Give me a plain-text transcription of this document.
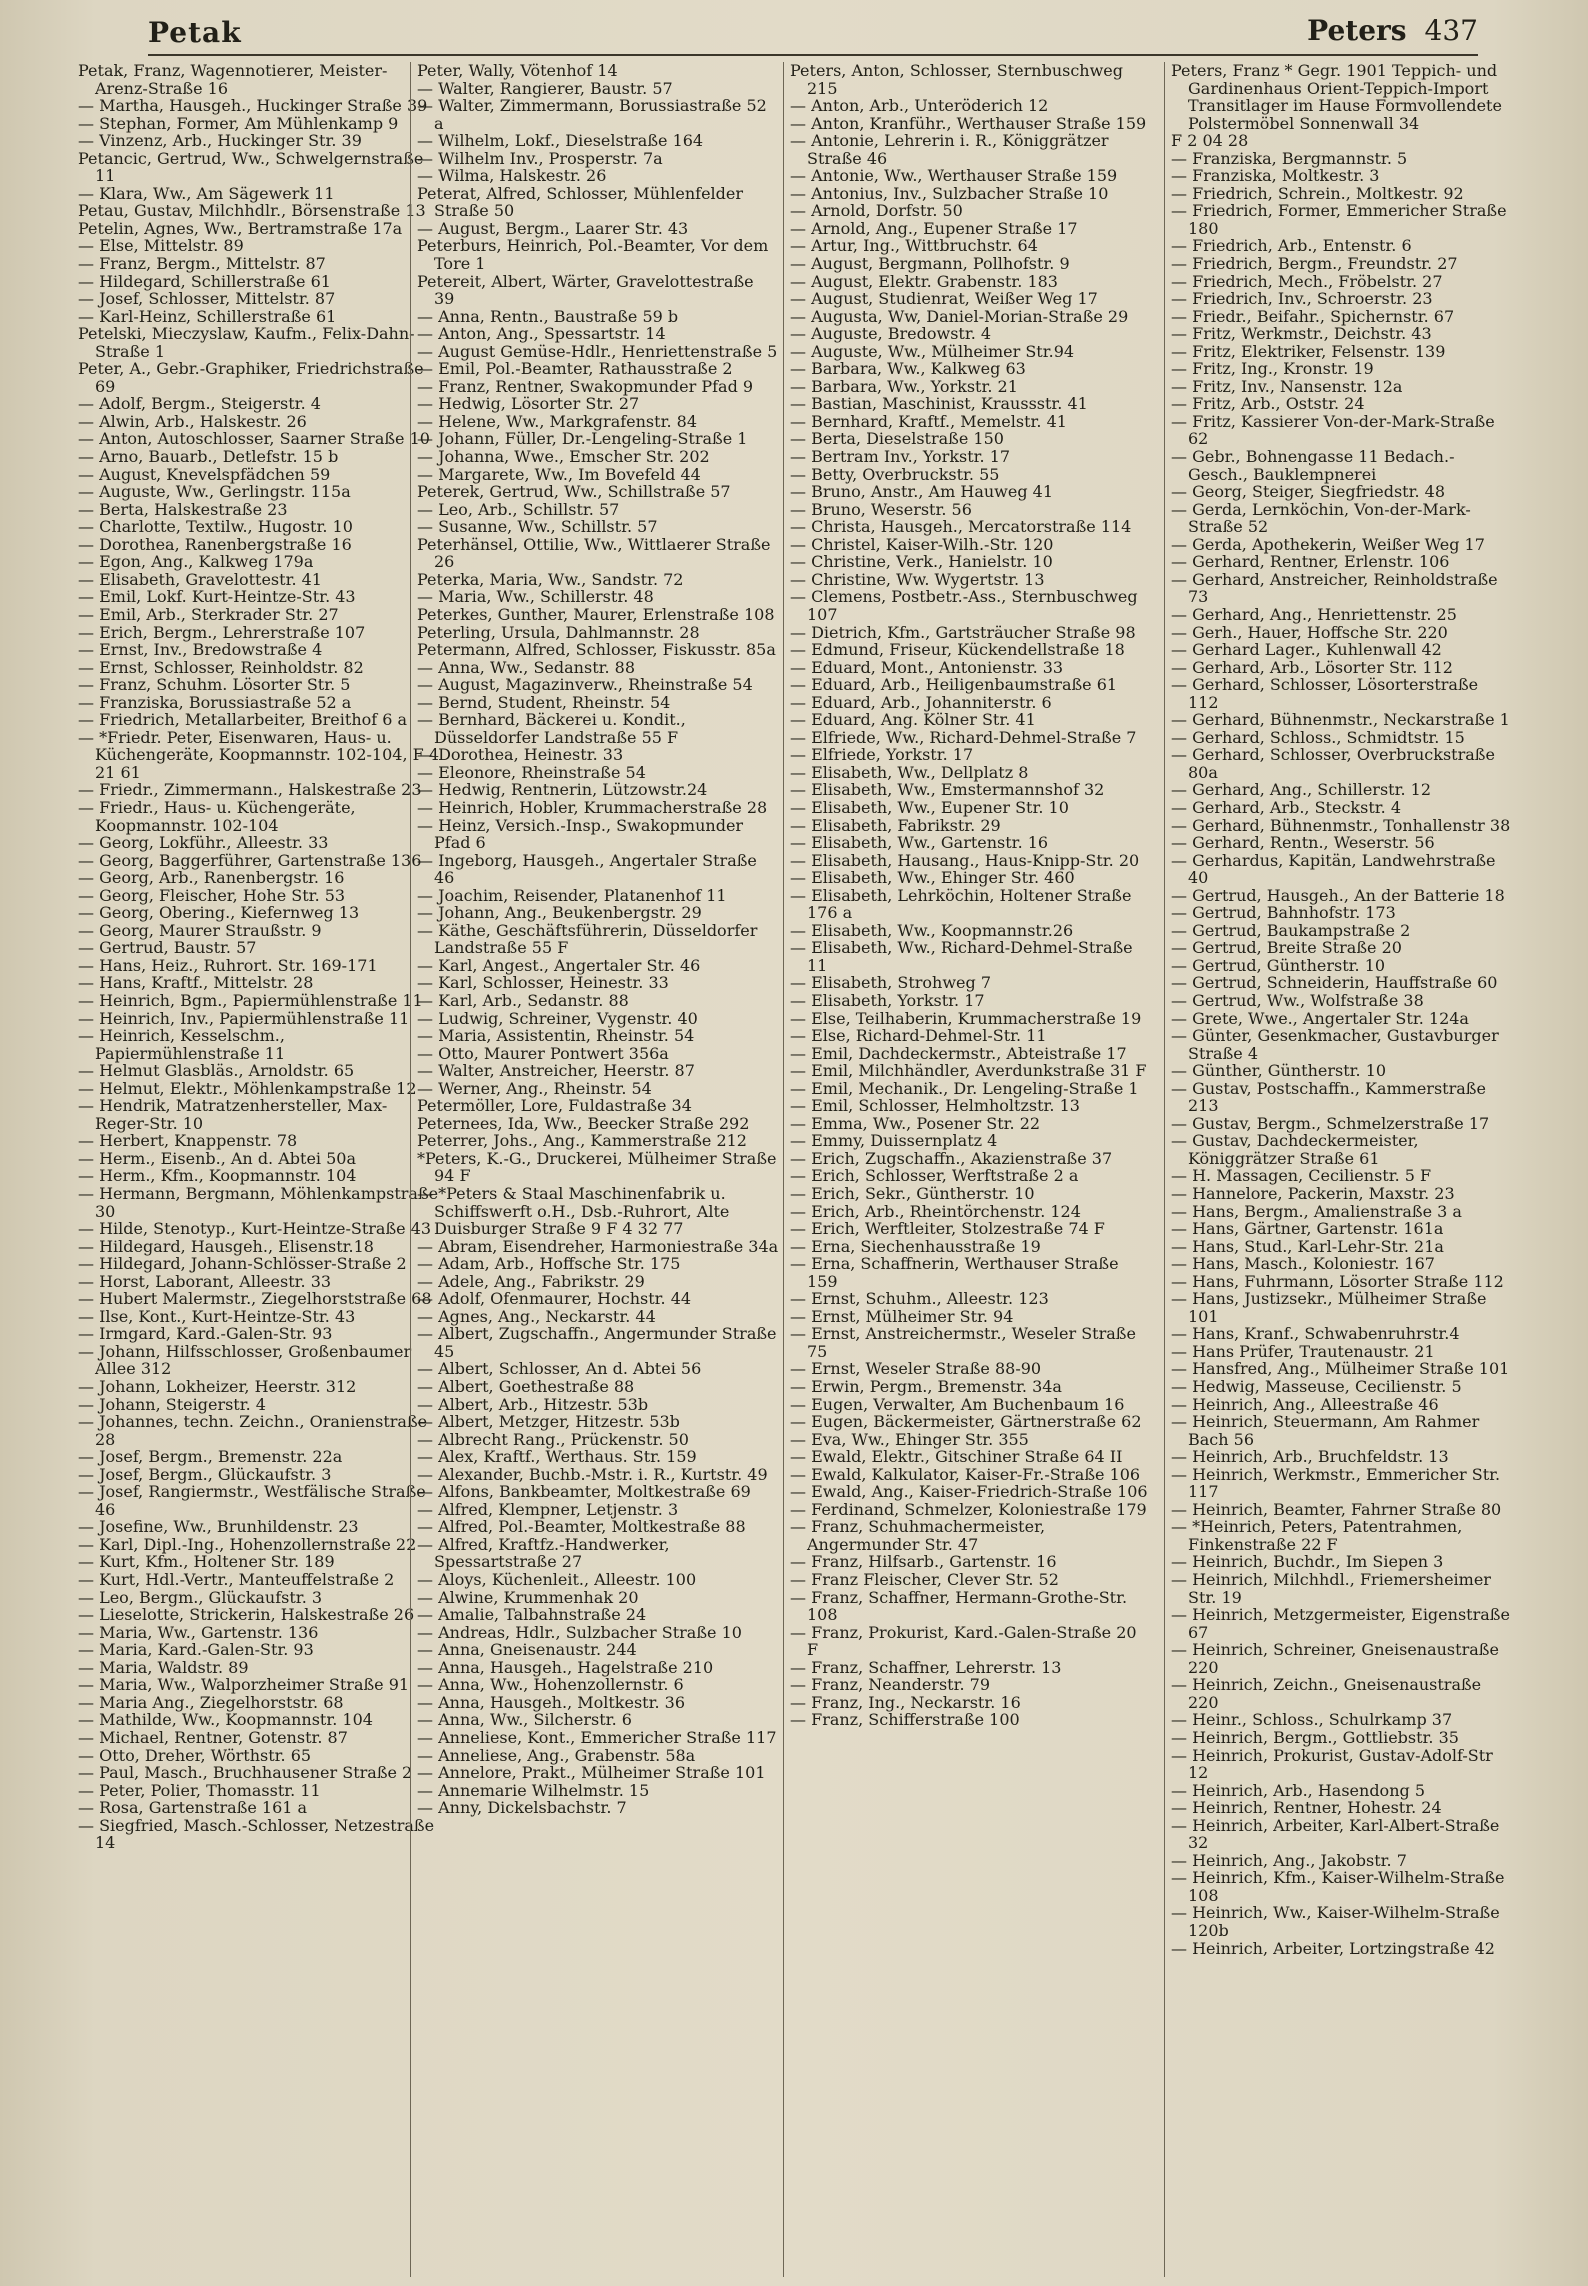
Petak	Peters 437

Petak, Franz, Wagennotierer, Meister-Arenz-Straße 16

— Martha, Hausgeh., Huckinger Straße 39

— Stephan, Former, Am Mühlenkamp 9

— Vinzenz, Arb., Huckinger Str. 39

Petancic, Gertrud, Ww., Schwelgernstraße 11

— Klara, Ww., Am Sägewerk 11

Petau, Gustav, Milchhdlr., Börsenstraße 13

Petelin, Agnes, Ww., Bertramstraße 17a

— Else, Mittelstr. 89

— Franz, Bergm., Mittelstr. 87

— Hildegard, Schillerstraße 61

— Josef, Schlosser, Mittelstr. 87

— Karl-Heinz, Schillerstraße 61

Petelski, Mieczyslaw, Kaufm., Felix-Dahn-Straße 1

Peter, A., Gebr.-Graphiker, Friedrichstraße 69

— Adolf, Bergm., Steigerstr. 4

— Alwin, Arb., Halskestr. 26

— Anton, Autoschlosser, Saarner Straße 10

— Arno, Bauarb., Detlefstr. 15 b

— August, Knevelspfädchen 59

— Auguste, Ww., Gerlingstr. 115a

— Berta, Halskestraße 23

— Charlotte, Textilw., Hugostr. 10

— Dorothea, Ranenbergstraße 16

— Egon, Ang., Kalkweg 179a

— Elisabeth, Gravelottestr. 41

— Emil, Lokf. Kurt-Heintze-Str. 43

— Emil, Arb., Sterkrader Str. 27

— Erich, Bergm., Lehrerstraße 107

— Ernst, Inv., Bredowstraße 4

— Ernst, Schlosser, Reinholdstr. 82

— Franz, Schuhm. Lösorter Str. 5

— Franziska, Borussiastraße 52 a

— Friedrich, Metallarbeiter, Breithof 6 a

— *Friedr. Peter, Eisenwaren, Haus- u. Küchengeräte, Koopmannstr. 102-104, F 4 21 61

— Friedr., Zimmermann., Halskestraße 23

— Friedr., Haus- u. Küchengeräte, Koopmannstr. 102-104

— Georg, Lokführ., Alleestr. 33

— Georg, Baggerführer, Gartenstraße 136

— Georg, Arb., Ranenbergstr. 16

— Georg, Fleischer, Hohe Str. 53

— Georg, Obering., Kiefernweg 13

— Georg, Maurer Straußstr. 9

— Gertrud, Baustr. 57

— Hans, Heiz., Ruhrort. Str. 169-171

— Hans, Kraftf., Mittelstr. 28

— Heinrich, Bgm., Papiermühlenstraße 11

— Heinrich, Inv., Papiermühlenstraße 11

— Heinrich, Kesselschm., Papiermühlenstraße 11

— Helmut Glasbläs., Arnoldstr. 65

— Helmut, Elektr., Möhlenkampstraße 12

— Hendrik, Matratzenhersteller, Max-Reger-Str. 10

— Herbert, Knappenstr. 78

— Herm., Eisenb., An d. Abtei 50a

— Herm., Kfm., Koopmannstr. 104

— Hermann, Bergmann, Möhlenkampstraße 30

— Hilde, Stenotyp., Kurt-Heintze-Straße 43

— Hildegard, Hausgeh., Elisenstr.18

— Hildegard, Johann-Schlösser-Straße 2

— Horst, Laborant, Alleestr. 33

— Hubert Malermstr., Ziegelhorststraße 68

— Ilse, Kont., Kurt-Heintze-Str. 43

— Irmgard, Kard.-Galen-Str. 93

— Johann, Hilfsschlosser, Großenbaumer Allee 312

— Johann, Lokheizer, Heerstr. 312

— Johann, Steigerstr. 4

— Johannes, techn. Zeichn., Oranienstraße 28

— Josef, Bergm., Bremenstr. 22a

— Josef, Bergm., Glückaufstr. 3

— Josef, Rangiermstr., Westfälische Straße 46

— Josefine, Ww., Brunhildenstr. 23

— Karl, Dipl.-Ing., Hohenzollernstraße 22

— Kurt, Kfm., Holtener Str. 189

— Kurt, Hdl.-Vertr., Manteuffelstraße 2

— Leo, Bergm., Glückaufstr. 3

— Lieselotte, Strickerin, Halskestraße 26

— Maria, Ww., Gartenstr. 136

— Maria, Kard.-Galen-Str. 93

— Maria, Waldstr. 89

— Maria, Ww., Walporzheimer Straße 91

— Maria Ang., Ziegelhorststr. 68

— Mathilde, Ww., Koopmannstr. 104

— Michael, Rentner, Gotenstr. 87

— Otto, Dreher, Wörthstr. 65

— Paul, Masch., Bruchhausener Straße 2

— Peter, Polier, Thomasstr. 11

— Rosa, Gartenstraße 161 a

— Siegfried, Masch.-Schlosser, Netzestraße 14

Peter, Wally, Vötenhof 14

— Walter, Rangierer, Baustr. 57

— Walter, Zimmermann, Borussiastraße 52 a

— Wilhelm, Lokf., Dieselstraße 164

— Wilhelm Inv., Prosperstr. 7a

— Wilma, Halskestr. 26

Peterat, Alfred, Schlosser, Mühlenfelder Straße 50

— August, Bergm., Laarer Str. 43

Peterburs, Heinrich, Pol.-Beamter, Vor dem Tore 1

Petereit, Albert, Wärter, Gravelottestraße 39

— Anna, Rentn., Baustraße 59 b

— Anton, Ang., Spessartstr. 14

— August Gemüse-Hdlr., Henriettenstraße 5

— Emil, Pol.-Beamter, Rathausstraße 2

— Franz, Rentner, Swakopmunder Pfad 9

— Hedwig, Lösorter Str. 27

— Helene, Ww., Markgrafenstr. 84

— Johann, Füller, Dr.-Lengeling-Straße 1

— Johanna, Wwe., Emscher Str. 202

— Margarete, Ww., Im Bovefeld 44

Peterek, Gertrud, Ww., Schillstraße 57

— Leo, Arb., Schillstr. 57

— Susanne, Ww., Schillstr. 57

Peterhänsel, Ottilie, Ww., Wittlaerer Straße 26

Peterka, Maria, Ww., Sandstr. 72

— Maria, Ww., Schillerstr. 48

Peterkes, Gunther, Maurer, Erlenstraße 108

Peterling, Ursula, Dahlmannstr. 28

Petermann, Alfred, Schlosser, Fiskusstr. 85a

— Anna, Ww., Sedanstr. 88

— August, Magazinverw., Rheinstraße 54

— Bernd, Student, Rheinstr. 54

— Bernhard, Bäckerei u. Kondit., Düsseldorfer Landstraße 55 F

— Dorothea, Heinestr. 33

— Eleonore, Rheinstraße 54

— Hedwig, Rentnerin, Lützowstr.24

— Heinrich, Hobler, Krummacherstraße 28

— Heinz, Versich.-Insp., Swakopmunder Pfad 6

— Ingeborg, Hausgeh., Angertaler Straße 46

— Joachim, Reisender, Platanenhof 11

— Johann, Ang., Beukenbergstr. 29

— Käthe, Geschäftsführerin, Düsseldorfer Landstraße 55 F

— Karl, Angest., Angertaler Str. 46

— Karl, Schlosser, Heinestr. 33

— Karl, Arb., Sedanstr. 88

— Ludwig, Schreiner, Vygenstr. 40

— Maria, Assistentin, Rheinstr. 54

— Otto, Maurer Pontwert 356a

— Walter, Anstreicher, Heerstr. 87

— Werner, Ang., Rheinstr. 54

Petermöller, Lore, Fuldastraße 34

Peternees, Ida, Ww., Beecker Straße 292

Peterrer, Johs., Ang., Kammerstraße 212

*Peters, K.-G., Druckerei, Mülheimer Straße 94 F

— *Peters & Staal Maschinenfabrik u. Schiffswerft o.H., Dsb.-Ruhrort, Alte Duisburger Straße 9 F 4 32 77

— Abram, Eisendreher, Harmoniestraße 34a

— Adam, Arb., Hoffsche Str. 175

— Adele, Ang., Fabrikstr. 29

— Adolf, Ofenmaurer, Hochstr. 44

— Agnes, Ang., Neckarstr. 44

— Albert, Zugschaffn., Angermunder Straße 45

— Albert, Schlosser, An d. Abtei 56

— Albert, Goethestraße 88

— Albert, Arb., Hitzestr. 53b

— Albert, Metzger, Hitzestr. 53b

— Albrecht Rang., Prückenstr. 50

— Alex, Kraftf., Werthaus. Str. 159

— Alexander, Buchb.-Mstr. i. R., Kurtstr. 49

— Alfons, Bankbeamter, Moltkestraße 69

— Alfred, Klempner, Letjenstr. 3

— Alfred, Pol.-Beamter, Moltkestraße 88

— Alfred, Kraftfz.-Handwerker, Spessartstraße 27

— Aloys, Küchenleit., Alleestr. 100

— Alwine, Krummenhak 20

— Amalie, Talbahnstraße 24

— Andreas, Hdlr., Sulzbacher Straße 10

— Anna, Gneisenaustr. 244

— Anna, Hausgeh., Hagelstraße 210

— Anna, Ww., Hohenzollernstr. 6

— Anna, Hausgeh., Moltkestr. 36

— Anna, Ww., Silcherstr. 6

— Anneliese, Kont., Emmericher Straße 117

— Anneliese, Ang., Grabenstr. 58a

— Annelore, Prakt., Mülheimer Straße 101

— Annemarie Wilhelmstr. 15

— Anny, Dickelsbachstr. 7

Peters, Anton, Schlosser, Sternbuschweg 215

— Anton, Arb., Unteröderich 12

— Anton, Kranführ., Werthauser Straße 159

— Antonie, Lehrerin i. R., Königgrätzer Straße 46

— Antonie, Ww., Werthauser Straße 159

— Antonius, Inv., Sulzbacher Straße 10

— Arnold, Dorfstr. 50

— Arnold, Ang., Eupener Straße 17

— Artur, Ing., Wittbruchstr. 64

— August, Bergmann, Pollhofstr. 9

— August, Elektr. Grabenstr. 183

— August, Studienrat, Weißer Weg 17

— Augusta, Ww, Daniel-Morian-Straße 29

— Auguste, Bredowstr. 4

— Auguste, Ww., Mülheimer Str.94

— Barbara, Ww., Kalkweg 63

— Barbara, Ww., Yorkstr. 21

— Bastian, Maschinist, Kraussstr. 41

— Bernhard, Kraftf., Memelstr. 41

— Berta, Dieselstraße 150

— Bertram Inv., Yorkstr. 17

— Betty, Overbruckstr. 55

— Bruno, Anstr., Am Hauweg 41

— Bruno, Weserstr. 56

— Christa, Hausgeh., Mercatorstraße 114

— Christel, Kaiser-Wilh.-Str. 120

— Christine, Verk., Hanielstr. 10

— Christine, Ww. Wygertstr. 13

— Clemens, Postbetr.-Ass., Sternbuschweg 107

— Dietrich, Kfm., Gartsträucher Straße 98

— Edmund, Friseur, Kückendellstraße 18

— Eduard, Mont., Antonienstr. 33

— Eduard, Arb., Heiligenbaumstraße 61

— Eduard, Arb., Johanniterstr. 6

— Eduard, Ang. Kölner Str. 41

— Elfriede, Ww., Richard-Dehmel-Straße 7

— Elfriede, Yorkstr. 17

— Elisabeth, Ww., Dellplatz 8

— Elisabeth, Ww., Emstermannshof 32

— Elisabeth, Ww., Eupener Str. 10

— Elisabeth, Fabrikstr. 29

— Elisabeth, Ww., Gartenstr. 16

— Elisabeth, Hausang., Haus-Knipp-Str. 20

— Elisabeth, Ww., Ehinger Str. 460

— Elisabeth, Lehrköchin, Holtener Straße 176 a

— Elisabeth, Ww., Koopmannstr.26

— Elisabeth, Ww., Richard-Dehmel-Straße 11

— Elisabeth, Strohweg 7

— Elisabeth, Yorkstr. 17

— Else, Teilhaberin, Krummacherstraße 19

— Else, Richard-Dehmel-Str. 11

— Emil, Dachdeckermstr., Abteistraße 17

— Emil, Milchhändler, Averdunkstraße 31 F

— Emil, Mechanik., Dr. Lengeling-Straße 1

— Emil, Schlosser, Helmholtzstr. 13

— Emma, Ww., Posener Str. 22

— Emmy, Duissernplatz 4

— Erich, Zugschaffn., Akazienstraße 37

— Erich, Schlosser, Werftstraße 2 a

— Erich, Sekr., Güntherstr. 10

— Erich, Arb., Rheintörchenstr. 124

— Erich, Werftleiter, Stolzestraße 74 F

— Erna, Siechenhausstraße 19

— Erna, Schaffnerin, Werthauser Straße 159

— Ernst, Schuhm., Alleestr. 123

— Ernst, Mülheimer Str. 94

— Ernst, Anstreichermstr., Weseler Straße 75

— Ernst, Weseler Straße 88-90

— Erwin, Pergm., Bremenstr. 34a

— Eugen, Verwalter, Am Buchenbaum 16

— Eugen, Bäckermeister, Gärtnerstraße 62

— Eva, Ww., Ehinger Str. 355

— Ewald, Elektr., Gitschiner Straße 64 II

— Ewald, Kalkulator, Kaiser-Fr.-Straße 106

— Ewald, Ang., Kaiser-Friedrich-Straße 106

— Ferdinand, Schmelzer, Koloniestraße 179

— Franz, Schuhmachermeister, Angermunder Str. 47

— Franz, Hilfsarb., Gartenstr. 16

— Franz Fleischer, Clever Str. 52

— Franz, Schaffner, Hermann-Grothe-Str. 108

— Franz, Prokurist, Kard.-Galen-Straße 20 F

— Franz, Schaffner, Lehrerstr. 13

— Franz, Neanderstr. 79

— Franz, Ing., Neckarstr. 16

— Franz, Schifferstraße 100

Peters, Franz * Gegr. 1901 Teppich- und Gardinenhaus Orient-Teppich-Import Transitlager im Hause Formvollendete Polstermöbel Sonnenwall 34

F 2 04 28

— Franziska, Bergmannstr. 5

— Franziska, Moltkestr. 3

— Friedrich, Schrein., Moltkestr. 92

— Friedrich, Former, Emmericher Straße 180

— Friedrich, Arb., Entenstr. 6

— Friedrich, Bergm., Freundstr. 27

— Friedrich, Mech., Fröbelstr. 27

— Friedrich, Inv., Schroerstr. 23

— Friedr., Beifahr., Spichernstr. 67

— Fritz, Werkmstr., Deichstr. 43

— Fritz, Elektriker, Felsenstr. 139

— Fritz, Ing., Kronstr. 19

— Fritz, Inv., Nansenstr. 12a

— Fritz, Arb., Oststr. 24

— Fritz, Kassierer Von-der-Mark-Straße 62

— Gebr., Bohnengasse 11 Bedach.-Gesch., Bauklempnerei

— Georg, Steiger, Siegfriedstr. 48

— Gerda, Lernköchin, Von-der-Mark-Straße 52

— Gerda, Apothekerin, Weißer Weg 17

— Gerhard, Rentner, Erlenstr. 106

— Gerhard, Anstreicher, Reinholdstraße 73

— Gerhard, Ang., Henriettenstr. 25

— Gerh., Hauer, Hoffsche Str. 220

— Gerhard Lager., Kuhlenwall 42

— Gerhard, Arb., Lösorter Str. 112

— Gerhard, Schlosser, Lösorterstraße 112

— Gerhard, Bühnenmstr., Neckarstraße 1

— Gerhard, Schloss., Schmidtstr. 15

— Gerhard, Schlosser, Overbruckstraße 80a

— Gerhard, Ang., Schillerstr. 12

— Gerhard, Arb., Steckstr. 4

— Gerhard, Bühnenmstr., Tonhallenstr 38

— Gerhard, Rentn., Weserstr. 56

— Gerhardus, Kapitän, Landwehrstraße 40

— Gertrud, Hausgeh., An der Batterie 18

— Gertrud, Bahnhofstr. 173

— Gertrud, Baukampstraße 2

— Gertrud, Breite Straße 20

— Gertrud, Güntherstr. 10

— Gertrud, Schneiderin, Hauffstraße 60

— Gertrud, Ww., Wolfstraße 38

— Grete, Wwe., Angertaler Str. 124a

— Günter, Gesenkmacher, Gustavburger Straße 4

— Günther, Güntherstr. 10

— Gustav, Postschaffn., Kammerstraße 213

— Gustav, Bergm., Schmelzerstraße 17

— Gustav, Dachdeckermeister, Königgrätzer Straße 61

— H. Massagen, Cecilienstr. 5 F

— Hannelore, Packerin, Maxstr. 23

— Hans, Bergm., Amalienstraße 3 a

— Hans, Gärtner, Gartenstr. 161a

— Hans, Stud., Karl-Lehr-Str. 21a

— Hans, Masch., Koloniestr. 167

— Hans, Fuhrmann, Lösorter Straße 112

— Hans, Justizsekr., Mülheimer Straße 101

— Hans, Kranf., Schwabenruhrstr.4

— Hans Prüfer, Trautenaustr. 21

— Hansfred, Ang., Mülheimer Straße 101

— Hedwig, Masseuse, Cecilienstr. 5

— Heinrich, Ang., Alleestraße 46

— Heinrich, Steuermann, Am Rahmer Bach 56

— Heinrich, Arb., Bruchfeldstr. 13

— Heinrich, Werkmstr., Emmericher Str. 117

— Heinrich, Beamter, Fahrner Straße 80

— *Heinrich, Peters, Patentrahmen, Finkenstraße 22 F

— Heinrich, Buchdr., Im Siepen 3

— Heinrich, Milchhdl., Friemersheimer Str. 19

— Heinrich, Metzgermeister, Eigenstraße 67

— Heinrich, Schreiner, Gneisenaustraße 220

— Heinrich, Zeichn., Gneisenaustraße 220

— Heinr., Schloss., Schulrkamp 37

— Heinrich, Bergm., Gottliebstr. 35

— Heinrich, Prokurist, Gustav-Adolf-Str 12

— Heinrich, Arb., Hasendong 5

— Heinrich, Rentner, Hohestr. 24

— Heinrich, Arbeiter, Karl-Albert-Straße 32

— Heinrich, Ang., Jakobstr. 7

— Heinrich, Kfm., Kaiser-Wilhelm-Straße 108

— Heinrich, Ww., Kaiser-Wilhelm-Straße 120b

— Heinrich, Arbeiter, Lortzingstraße 42
